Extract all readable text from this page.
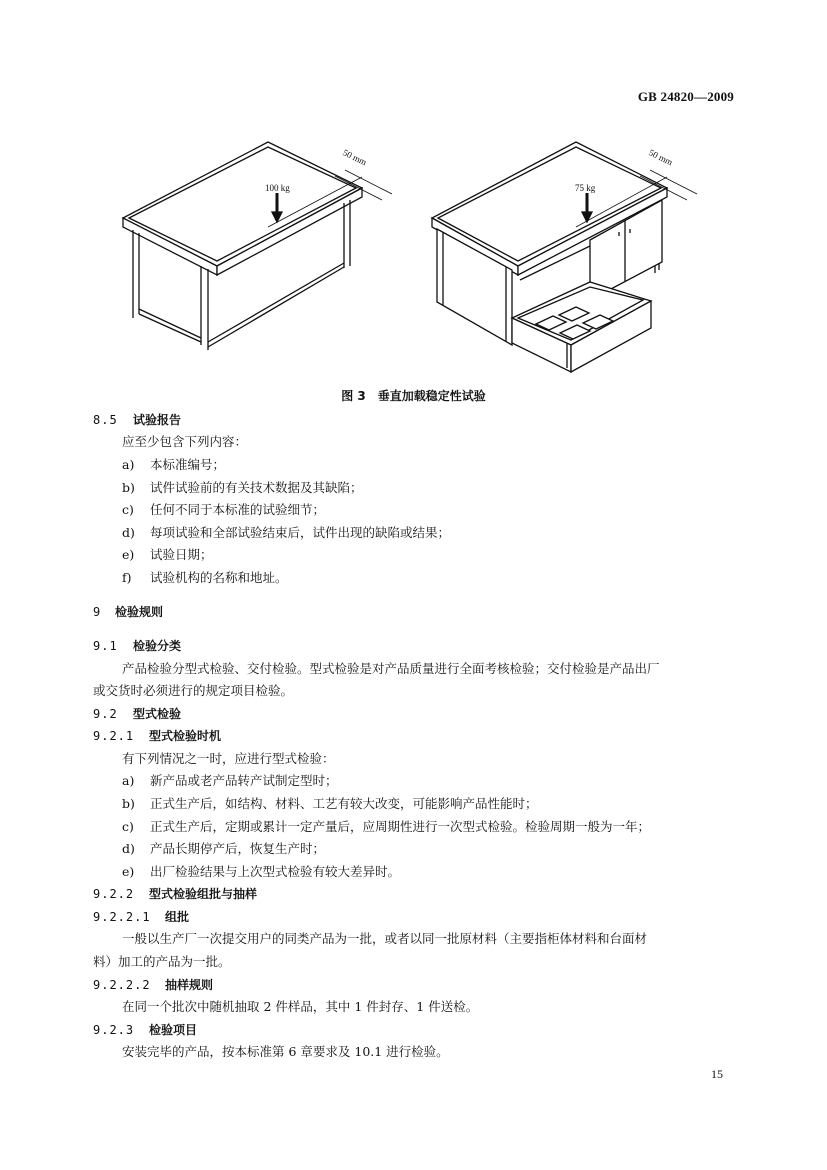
GB 24820—2009
100 kg
50 mm
75 kg
50 mm
图 3　垂直加载稳定性试验
8.5 试验报告
应至少包含下列内容：
a) 本标准编号；
b) 试件试验前的有关技术数据及其缺陷；
c) 任何不同于本标准的试验细节；
d) 每项试验和全部试验结束后，试件出现的缺陷或结果；
e) 试验日期；
f) 试验机构的名称和地址。
9 检验规则
9.1 检验分类
产品检验分型式检验、交付检验。型式检验是对产品质量进行全面考核检验；交付检验是产品出厂
或交货时必须进行的规定项目检验。
9.2 型式检验
9.2.1 型式检验时机
有下列情况之一时，应进行型式检验：
a) 新产品或老产品转产试制定型时；
b) 正式生产后，如结构、材料、工艺有较大改变，可能影响产品性能时；
c) 正式生产后，定期或累计一定产量后，应周期性进行一次型式检验。检验周期一般为一年；
d) 产品长期停产后，恢复生产时；
e) 出厂检验结果与上次型式检验有较大差异时。
9.2.2 型式检验组批与抽样
9.2.2.1 组批
一般以生产厂一次提交用户的同类产品为一批，或者以同一批原材料（主要指柜体材料和台面材
料）加工的产品为一批。
9.2.2.2 抽样规则
在同一个批次中随机抽取 2 件样品，其中 1 件封存、1 件送检。
9.2.3 检验项目
安装完毕的产品，按本标准第 6 章要求及 10.1 进行检验。
15
